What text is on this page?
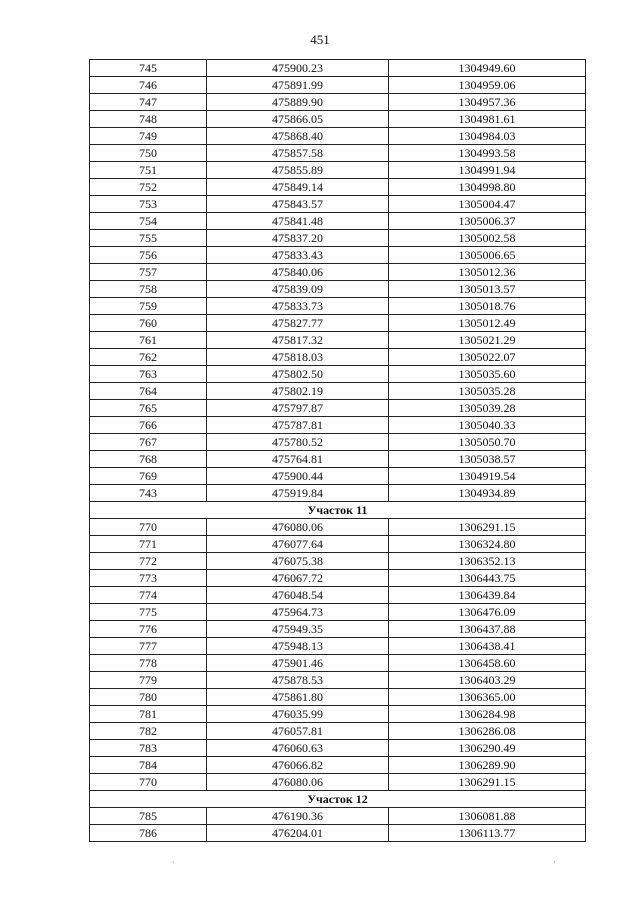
451
745	475900.23	1304949.60
746	475891.99	1304959.06
747	475889.90	1304957.36
748	475866.05	1304981.61
749	475868.40	1304984.03
750	475857.58	1304993.58
751	475855.89	1304991.94
752	475849.14	1304998.80
753	475843.57	1305004.47
754	475841.48	1305006.37
755	475837.20	1305002.58
756	475833.43	1305006.65
757	475840.06	1305012.36
758	475839.09	1305013.57
759	475833.73	1305018.76
760	475827.77	1305012.49
761	475817.32	1305021.29
762	475818.03	1305022.07
763	475802.50	1305035.60
764	475802.19	1305035.28
765	475797.87	1305039.28
766	475787.81	1305040.33
767	475780.52	1305050.70
768	475764.81	1305038.57
769	475900.44	1304919.54
743	475919.84	1304934.89
Участок 11		
770	476080.06	1306291.15
771	476077.64	1306324.80
772	476075.38	1306352.13
773	476067.72	1306443.75
774	476048.54	1306439.84
775	475964.73	1306476.09
776	475949.35	1306437.88
777	475948.13	1306438.41
778	475901.46	1306458.60
779	475878.53	1306403.29
780	475861.80	1306365.00
781	476035.99	1306284.98
782	476057.81	1306286.08
783	476060.63	1306290.49
784	476066.82	1306289.90
770	476080.06	1306291.15
Участок 12		
785	476190.36	1306081.88
786	476204.01	1306113.77
·	·
